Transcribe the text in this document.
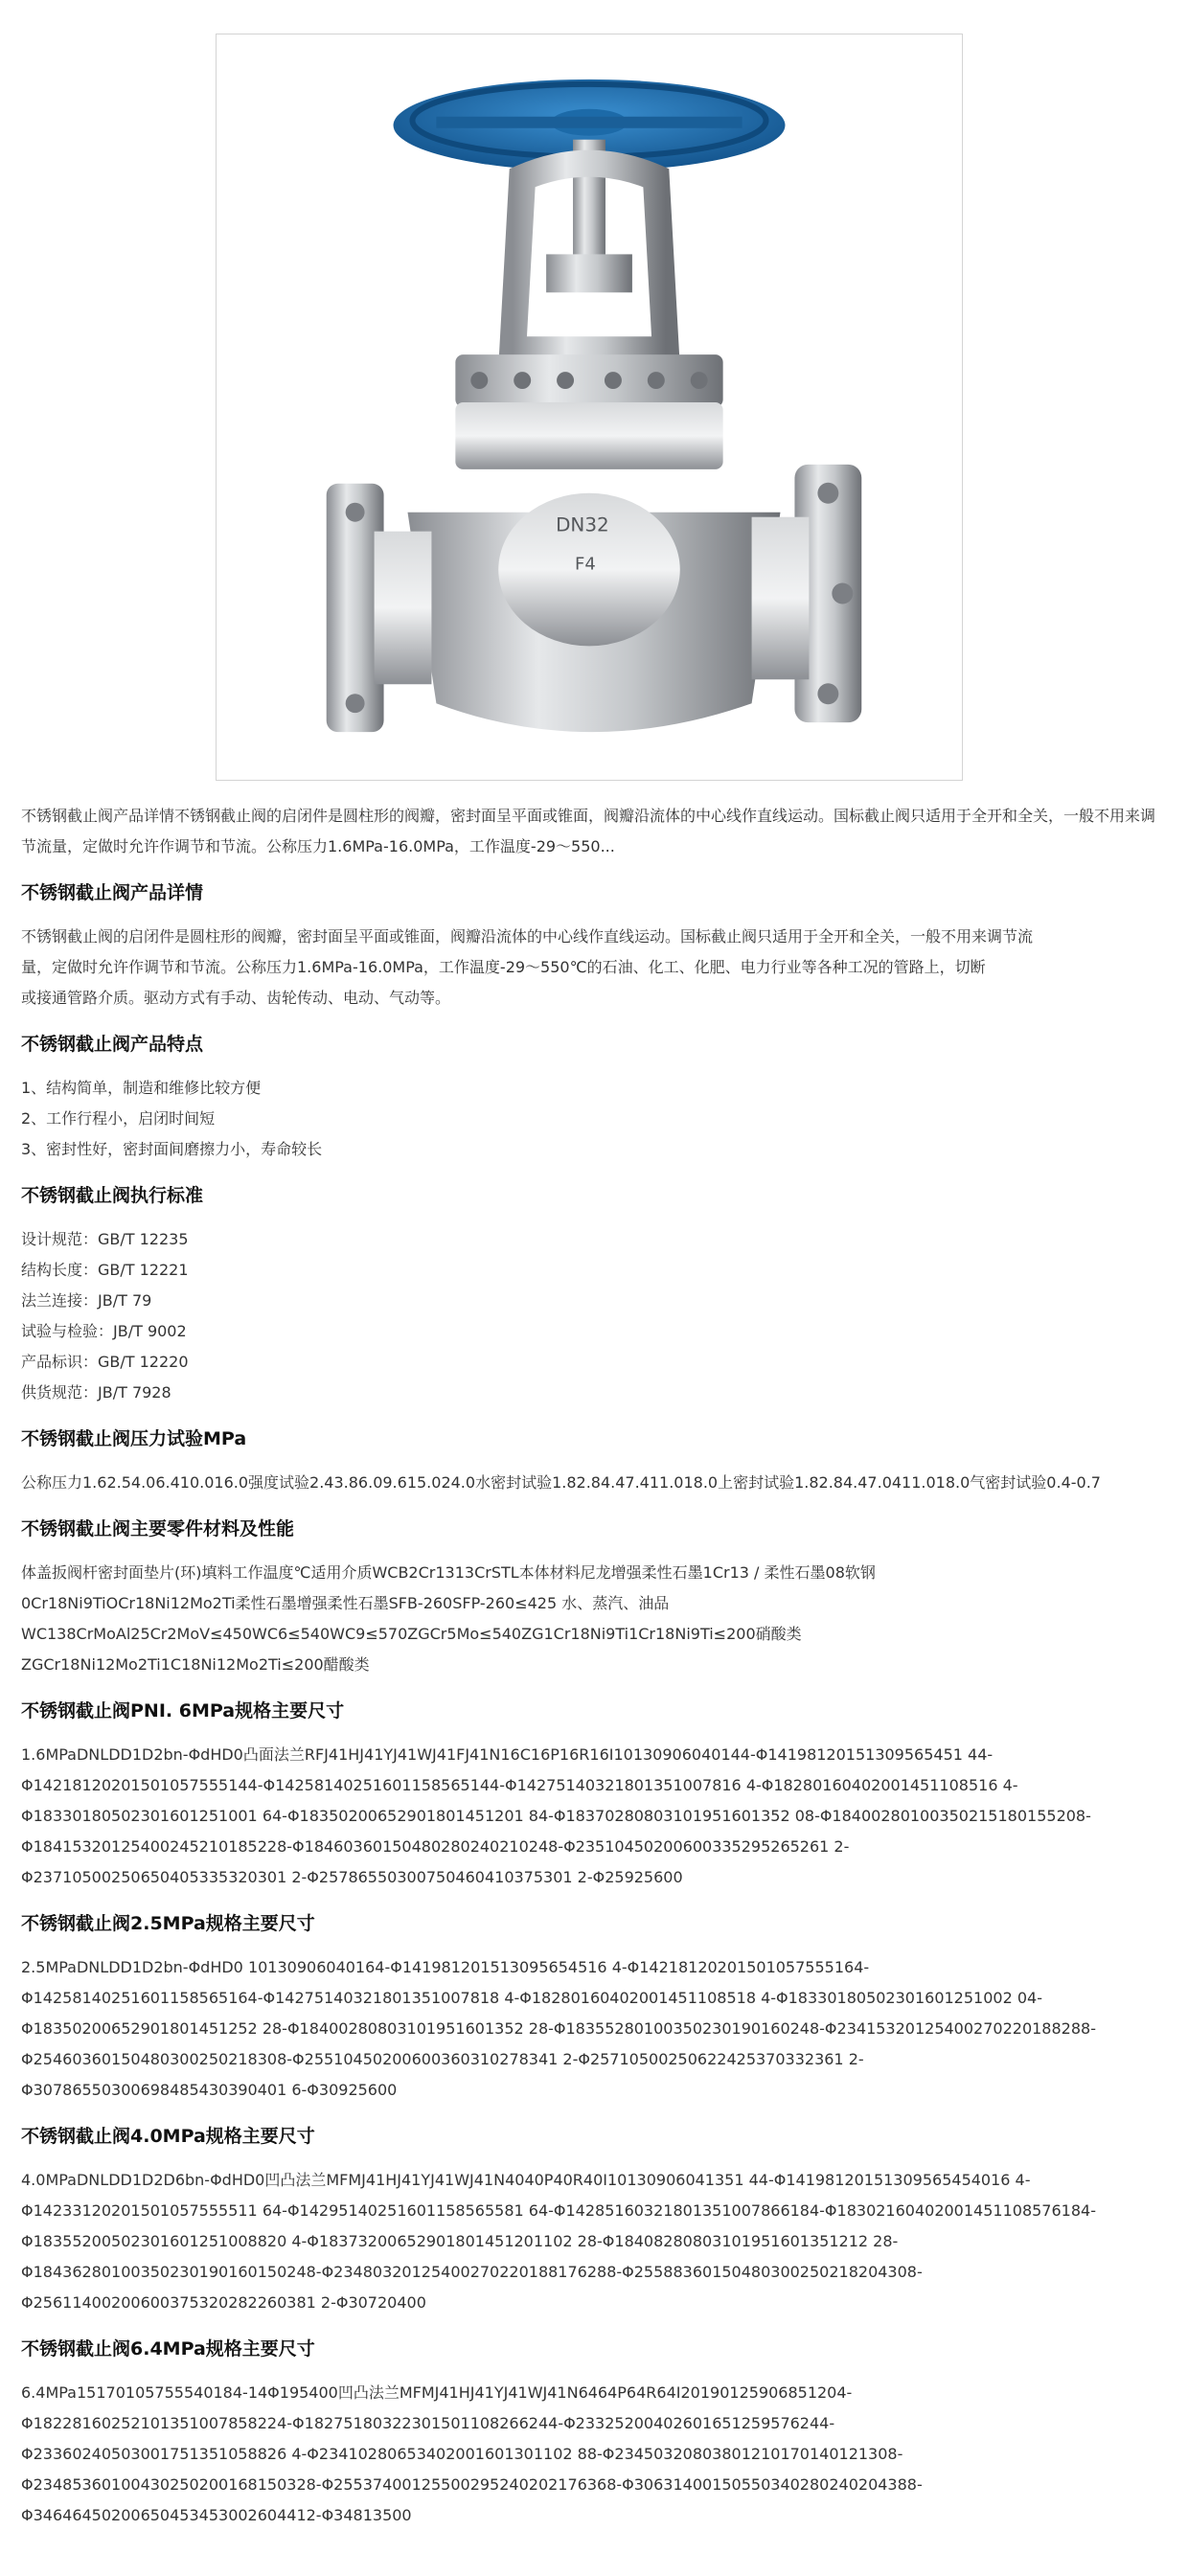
DN32
F4

不锈钢截止阀产品详情不锈钢截止阀的启闭件是圆柱形的阀瓣，密封面呈平面或锥面，阀瓣沿流体的中心线作直线运动。国标截止阀只适用于全开和全关，一般不用来调节流量，定做时允许作调节和节流。公称压力1.6MPa-16.0MPa，工作温度-29～550...

不锈钢截止阀产品详情
不锈钢截止阀的启闭件是圆柱形的阀瓣，密封面呈平面或锥面，阀瓣沿流体的中心线作直线运动。国标截止阀只适用于全开和全关，一般不用来调节流
量，定做时允许作调节和节流。公称压力1.6MPa-16.0MPa，工作温度-29～550℃的石油、化工、化肥、电力行业等各种工况的管路上，切断
或接通管路介质。驱动方式有手动、齿轮传动、电动、气动等。
不锈钢截止阀产品特点
1、结构简单，制造和维修比较方便
2、工作行程小，启闭时间短
3、密封性好，密封面间磨擦力小，寿命较长
不锈钢截止阀执行标准
设计规范：GB/T 12235
结构长度：GB/T 12221
法兰连接：JB/T 79
试验与检验：JB/T 9002
产品标识：GB/T 12220
供货规范：JB/T 7928
不锈钢截止阀压力试验MPa
公称压力1.62.54.06.410.016.0强度试验2.43.86.09.615.024.0水密封试验1.82.84.47.411.018.0上密封试验1.82.84.47.0411.018.0气密封试验0.4-0.7
不锈钢截止阀主要零件材料及性能
体盖扳阀杆密封面垫片(环)填料工作温度℃适用介质WCB2Cr1313CrSTL本体材料尼龙增强柔性石墨1Cr13 / 柔性石墨08软钢
0Cr18Ni9TiOCr18Ni12Mo2Ti柔性石墨增强柔性石墨SFB-260SFP-260≤425 水、蒸汽、油品
WC138CrMoAl25Cr2MoV≤450WC6≤540WC9≤570ZGCr5Mo≤540ZG1Cr18Ni9Ti1Cr18Ni9Ti≤200硝酸类
ZGCr18Ni12Mo2Ti1C18Ni12Mo2Ti≤200醋酸类
不锈钢截止阀PNⅠ. 6MPa规格主要尺寸
1.6MPaDNLDD1D2bn-ΦdHD0凸面法兰RFJ41HJ41YJ41WJ41FJ41N16C16P16R16I10130906040144-Φ14198120151309565451 44-
Φ14218120201501057555144-Φ14258140251601158565144-Φ14275140321801351007816 4-Φ18280160402001451108516 4-
Φ18330180502301601251001 64-Φ18350200652901801451201 84-Φ18370280803101951601352 08-Φ18400280100350215180155208-
Φ18415320125400245210185228-Φ18460360150480280240210248-Φ23510450200600335295265261 2-
Φ23710500250650405335320301 2-Φ25786550300750460410375301 2-Φ25925600
不锈钢截止阀2.5MPa规格主要尺寸
2.5MPaDNLDD1D2bn-ΦdHD0 10130906040164-Φ141981201513095654516 4-Φ14218120201501057555164-
Φ14258140251601158565164-Φ14275140321801351007818 4-Φ18280160402001451108518 4-Φ18330180502301601251002 04-
Φ18350200652901801451252 28-Φ18400280803101951601352 28-Φ18355280100350230190160248-Φ23415320125400270220188288-
Φ25460360150480300250218308-Φ25510450200600360310278341 2-Φ25710500250622425370332361 2-
Φ30786550300698485430390401 6-Φ30925600
不锈钢截止阀4.0MPa规格主要尺寸
4.0MPaDNLDD1D2D6bn-ΦdHD0凹凸法兰MFMJ41HJ41YJ41WJ41N4040P40R40I10130906041351 44-Φ14198120151309565454016 4-
Φ14233120201501057555511 64-Φ14295140251601158565581 64-Φ14285160321801351007866184-Φ18302160402001451108576184-
Φ18355200502301601251008820 4-Φ18373200652901801451201102 28-Φ18408280803101951601351212 28-
Φ18436280100350230190160150248-Φ23480320125400270220188176288-Φ25588360150480300250218204308-
Φ25611400200600375320282260381 2-Φ30720400
不锈钢截止阀6.4MPa规格主要尺寸
6.4MPa15170105755540184-14Φ195400凹凸法兰MFMJ41HJ41YJ41WJ41N6464P64R64I20190125906851204-
Φ18228160252101351007858224-Φ18275180322301501108266244-Φ23325200402601651259576244-
Φ23360240503001751351058826 4-Φ23410280653402001601301102 88-Φ23450320803801210170140121308-
Φ23485360100430250200168150328-Φ25537400125500295240202176368-Φ30631400150550340280240204388-
Φ34646450200650453453002604412-Φ34813500
